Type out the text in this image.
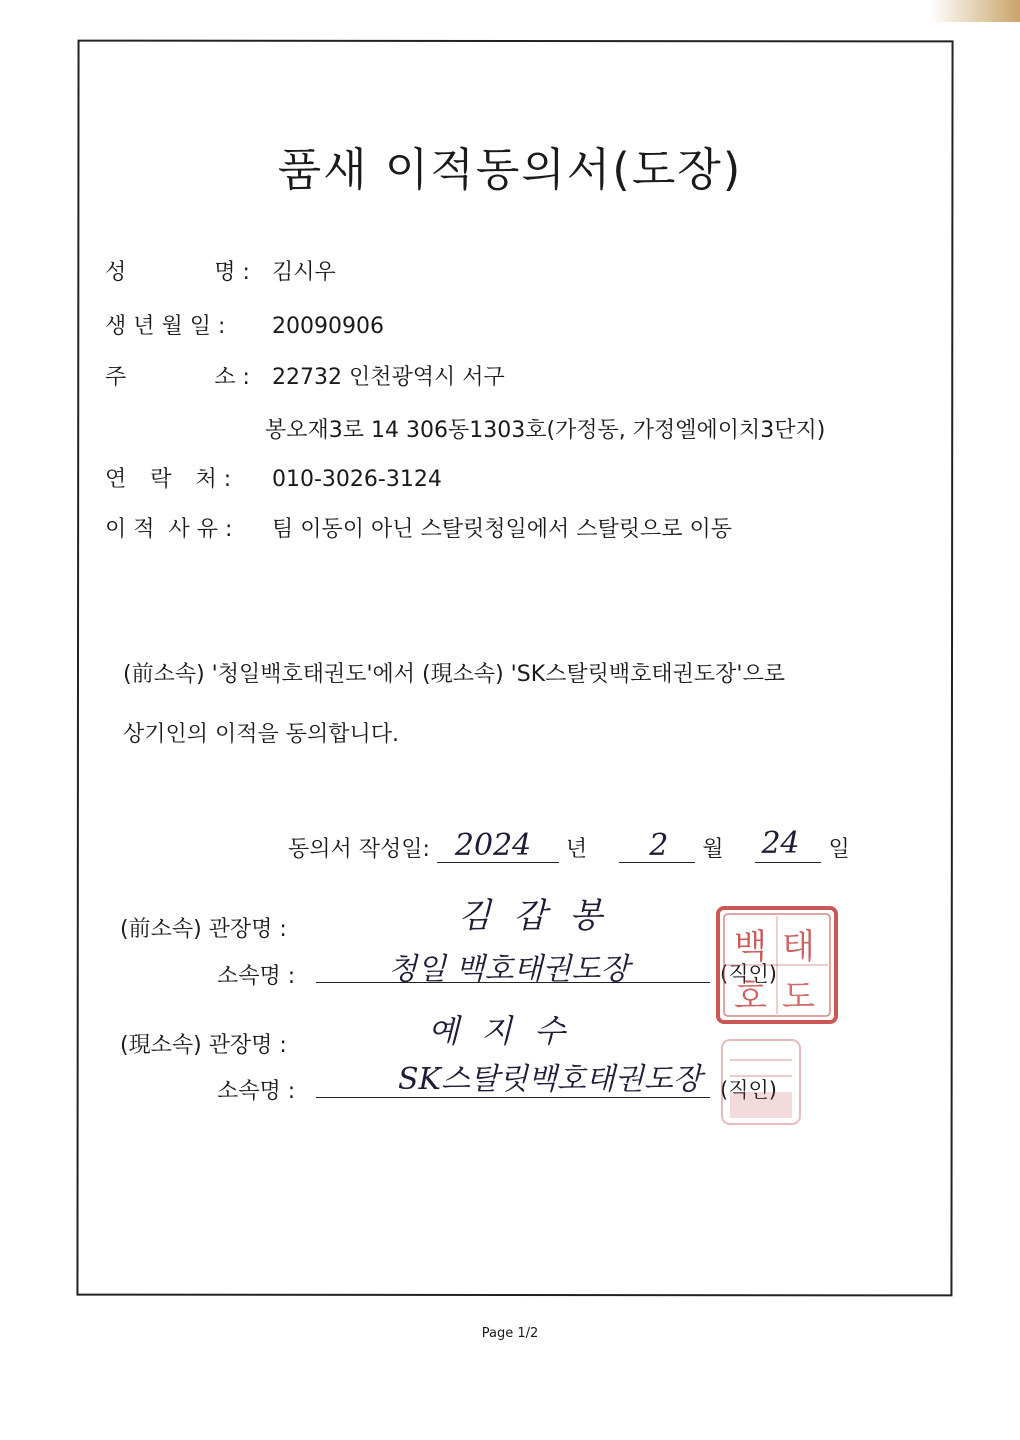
품새 이적동의서(도장)
성	명 : 김시우
생 년 월 일 : 20090906
주	소 : 22732 인천광역시 서구
봉오재3로 14 306동1303호(가정동, 가정엘에이치3단지)
연 락 처 : 010-3026-3124
이 적  사 유 : 팀 이동이 아닌 스탈릿청일에서 스탈릿으로 이동
(前소속) '청일백호태권도'에서 (現소속) 'SK스탈릿백호태권도장'으로
상기인의 이적을 동의합니다.
동의서 작성일: 2024 년 2 월 24 일
(前소속) 관장명 :	김 갑 봉
소속명 :	청일 백호태권도장	(직인)
백 태
호 도
(現소속) 관장명 :	예 지 수
소속명 :	SK스탈릿백호태권도장 (직인)
Page 1/2
